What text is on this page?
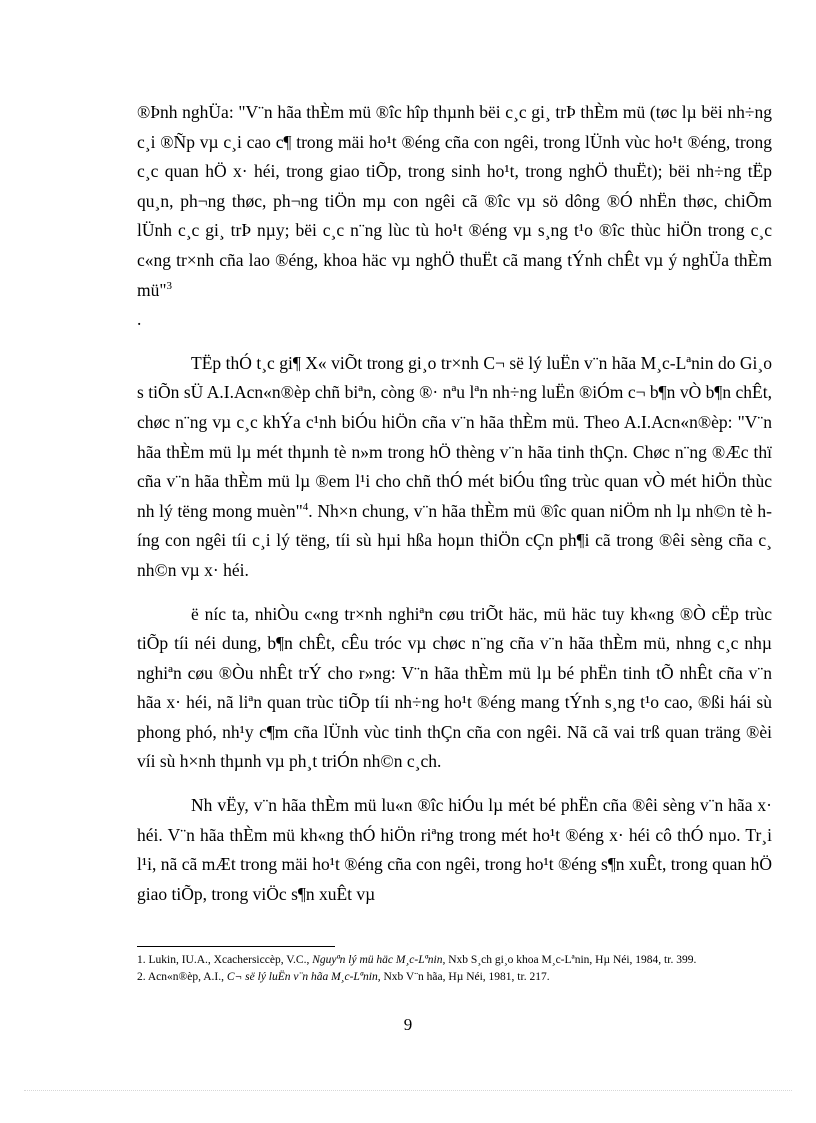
®Þnh nghÜa: "V¨n hãa thÈm mü ®îc hîp thµnh bëi c¸c gi¸ trÞ thÈm mü (tøc lµ bëi nh÷ng c¸i ®Ñp vµ c¸i cao c¶ trong mäi ho¹t ®éng cña con ngêi, trong lÜnh vùc ho¹t ®éng, trong c¸c quan hÖ x· héi, trong giao tiÕp, trong sinh ho¹t, trong nghÖ thuËt); bëi nh÷ng tËp qu¸n, ph¬ng thøc, ph¬ng tiÖn mµ con ngêi cã ®îc vµ sö dông ®Ó nhËn thøc, chiÕm lÜnh c¸c gi¸ trÞ nµy; bëi c¸c n¨ng lùc tù ho¹t ®éng vµ s¸ng t¹o ®îc thùc hiÖn trong c¸c c«ng tr×nh cña lao ®éng, khoa häc vµ nghÖ thuËt cã mang tÝnh chÊt vµ ý nghÜa thÈm mü"$^3$
.

TËp thÓ t¸c gi¶ X« viÕt trong gi¸o tr×nh C¬ së lý luËn v¨n hãa M¸c-Lªnin do Gi¸o s tiÕn sÜ A.I.Acn«n®èp chñ biªn, còng ®· nªu lªn nh÷ng luËn ®iÓm c¬ b¶n vÒ b¶n chÊt, chøc n¨ng vµ c¸c khÝa c¹nh biÓu hiÖn cña v¨n hãa thÈm mü. Theo A.I.Acn«n®èp: "V¨n hãa thÈm mü lµ mét thµnh tè n»m trong hÖ thèng v¨n hãa tinh thÇn. Chøc n¨ng ®Æc thï cña v¨n hãa thÈm mü lµ ®em l¹i cho chñ thÓ mét biÓu tîng trùc quan vÒ mét hiÖn thùc nh lý tëng mong muèn"$^4$. Nh×n chung, v¨n hãa thÈm mü ®îc quan niÖm nh lµ nh©n tè híng con ngêi tíi c¸i lý tëng, tíi sù hµi hßa hoµn thiÖn cÇn ph¶i cã trong ®êi sèng cña c¸ nh©n vµ x· héi.

ë níc ta, nhiÒu c«ng tr×nh nghiªn cøu triÕt häc, mü häc tuy kh«ng ®Ò cËp trùc tiÕp tíi néi dung, b¶n chÊt, cÊu tróc vµ chøc n¨ng cña v¨n hãa thÈm mü, nhng c¸c nhµ nghiªn cøu ®Òu nhÊt trÝ cho r»ng: V¨n hãa thÈm mü lµ bé phËn tinh tÕ nhÊt cña v¨n hãa x· héi, nã liªn quan trùc tiÕp tíi nh÷ng ho¹t ®éng mang tÝnh s¸ng t¹o cao, ®ßi hái sù phong phó, nh¹y c¶m cña lÜnh vùc tinh thÇn cña con ngêi. Nã cã vai trß quan träng ®èi víi sù h×nh thµnh vµ ph¸t triÓn nh©n c¸ch.

Nh vËy, v¨n hãa thÈm mü lu«n ®îc hiÓu lµ mét bé phËn cña ®êi sèng v¨n hãa x· héi. V¨n hãa thÈm mü kh«ng thÓ hiÖn riªng trong mét ho¹t ®éng x· héi cô thÓ nµo. Tr¸i l¹i, nã cã mÆt trong mäi ho¹t ®éng cña con ngêi, trong ho¹t ®éng s¶n xuÊt, trong quan hÖ giao tiÕp, trong viÖc s¶n xuÊt vµ

1. Lukin, IU.A., Xcachersiccèp, V.C., Nguyªn lý mü häc M¸c-Lªnin, Nxb S¸ch gi¸o khoa M¸c-Lªnin, Hµ Néi, 1984, tr. 399.

2. Acn«n®èp, A.I., C¬ së lý luËn v¨n hãa M¸c-Lªnin, Nxb V¨n hãa, Hµ Néi, 1981, tr. 217.

9
